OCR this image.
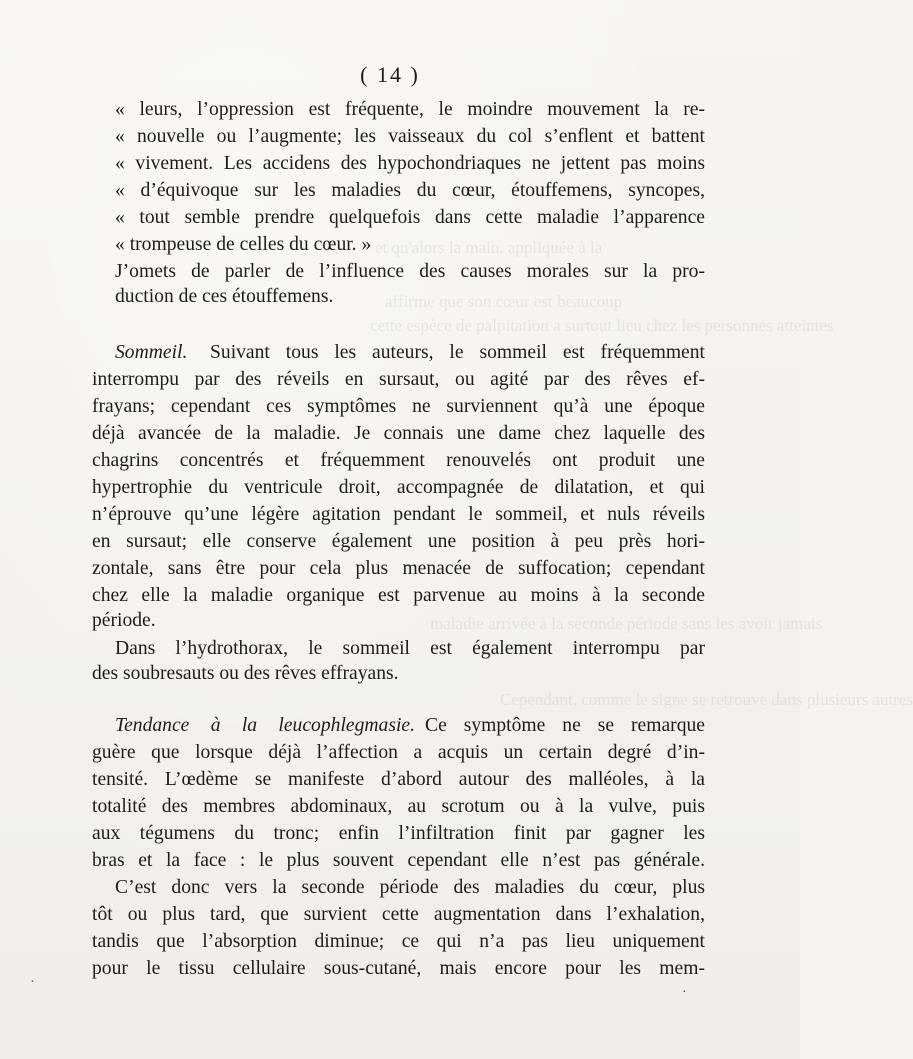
et qu'alors la main, appliquée à la
affirme que son cœur est beaucoup
cette espèce de palpitation a surtout lieu chez les personnes atteintes
maladie arrivée à la seconde période sans les avoir jamais
Cependant, comme le signe se retrouve dans plusieurs autres
( 14 )
« leurs, l’oppression est fréquente, le moindre mouvement la re-
« nouvelle ou l’augmente; les vaisseaux du col s’enflent et battent
« vivement. Les accidens des hypochondriaques ne jettent pas moins
« d’équivoque sur les maladies du cœur, étouffemens, syncopes,
« tout semble prendre quelquefois dans cette maladie l’apparence
« trompeuse de celles du cœur. »
J’omets de parler de l’influence des causes morales sur la pro-
duction de ces étouffemens.
Sommeil.	Suivant tous les auteurs, le sommeil est fréquemment
interrompu par des réveils en sursaut, ou agité par des rêves ef-
frayans; cependant ces symptômes ne surviennent qu’à une époque
déjà avancée de la maladie. Je connais une dame chez laquelle des
chagrins concentrés et fréquemment renouvelés ont produit une
hypertrophie du ventricule droit, accompagnée de dilatation, et qui
n’éprouve qu’une légère agitation pendant le sommeil, et nuls réveils
en sursaut; elle conserve également une position à peu près hori-
zontale, sans être pour cela plus menacée de suffocation; cependant
chez elle la maladie organique est parvenue au moins à la seconde
période.
Dans l’hydrothorax, le sommeil est également interrompu par
des soubresauts ou des rêves effrayans.
Tendance à la leucophlegmasie. Ce symptôme ne se remarque
guère que lorsque déjà l’affection a acquis un certain degré d’in-
tensité. L’œdème se manifeste d’abord autour des malléoles, à la
totalité des membres abdominaux, au scrotum ou à la vulve, puis
aux tégumens du tronc; enfin l’infiltration finit par gagner les
bras et la face : le plus souvent cependant elle n’est pas générale.
C’est donc vers la seconde période des maladies du cœur, plus
tôt ou plus tard, que survient cette augmentation dans l’exhalation,
tandis que l’absorption diminue; ce qui n’a pas lieu uniquement
pour le tissu cellulaire sous-cutané, mais encore pour les mem-
·
·
